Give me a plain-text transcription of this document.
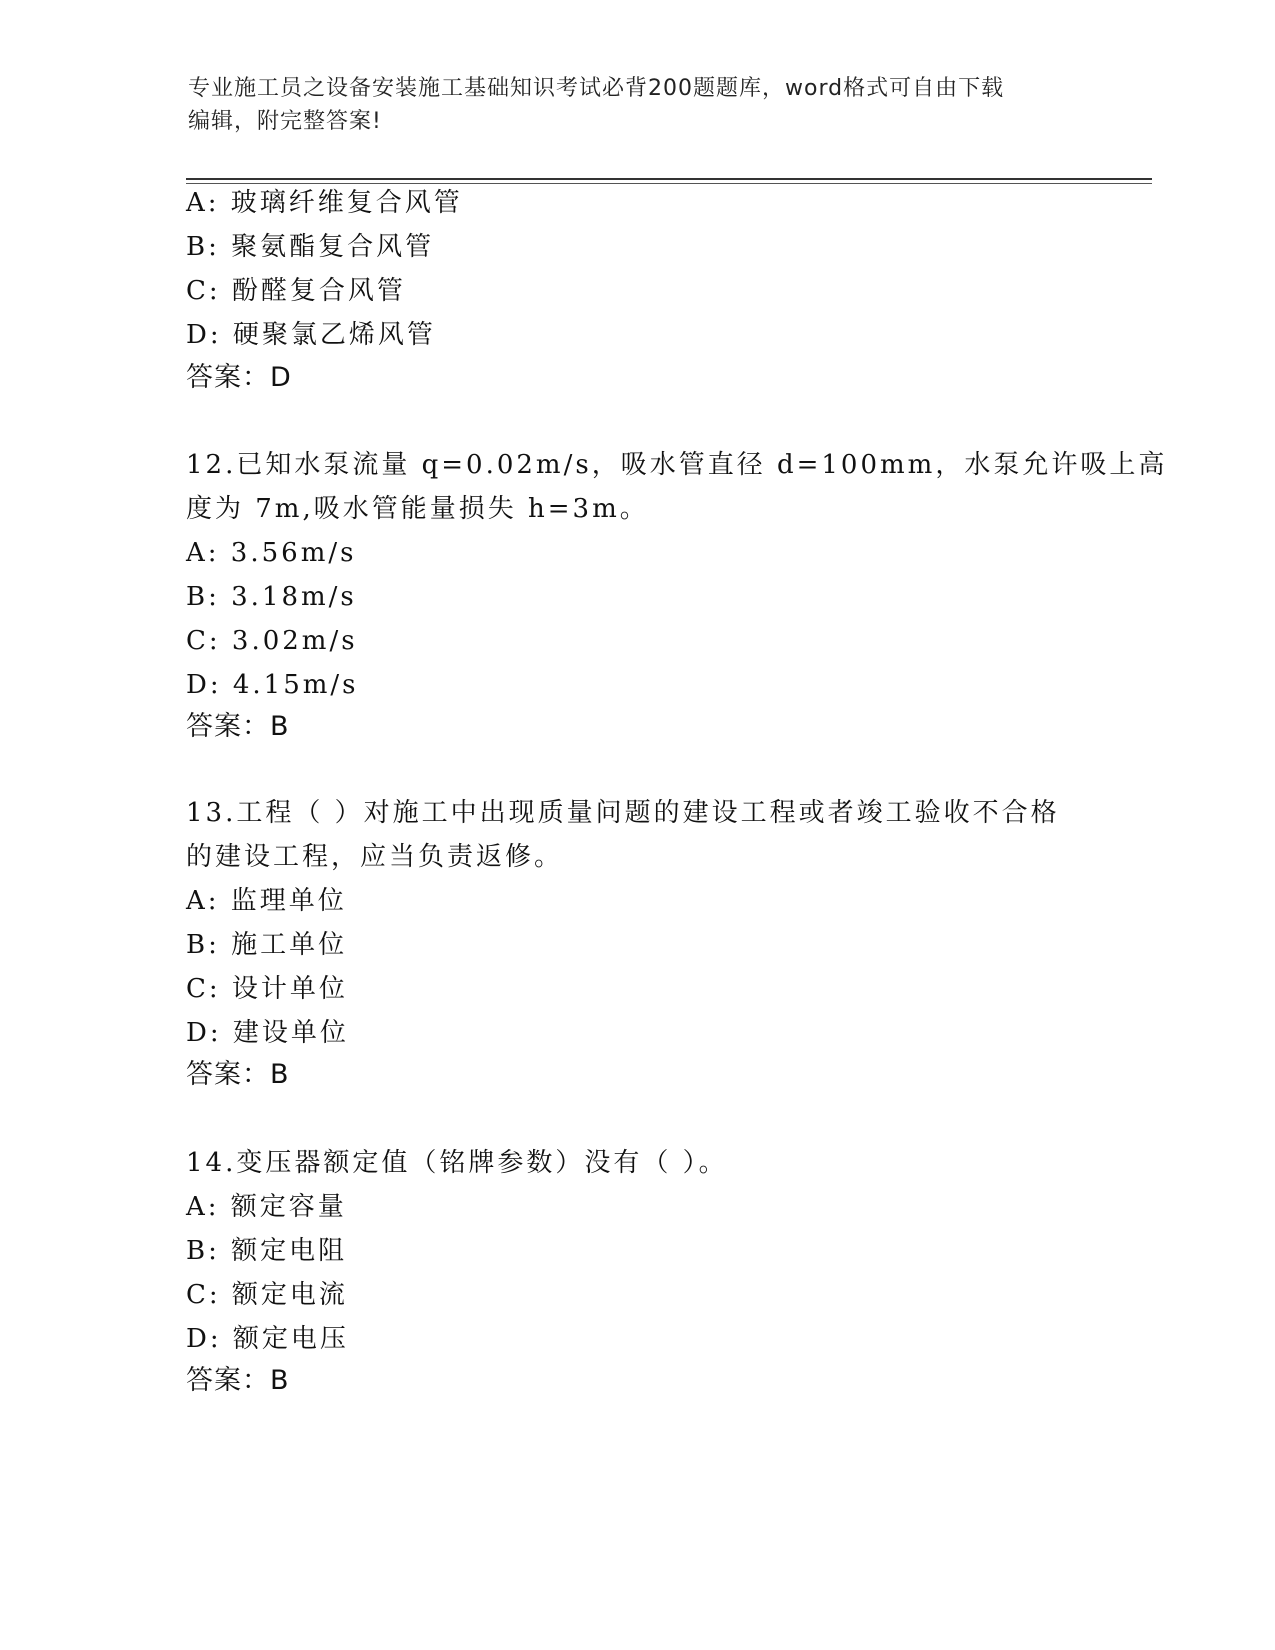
专业施工员之设备安装施工基础知识考试必背200题题库，word格式可自由下载
编辑，附完整答案!
A: 玻璃纤维复合风管
B: 聚氨酯复合风管
C: 酚醛复合风管
D: 硬聚氯乙烯风管
答案：D
12.已知水泵流量 q=0.02m/s，吸水管直径 d=100mm，水泵允许吸上高
度为 7m,吸水管能量损失 h=3m。
A: 3.56m/s
B: 3.18m/s
C: 3.02m/s
D: 4.15m/s
答案：B
13.工程（ ）对施工中出现质量问题的建设工程或者竣工验收不合格
的建设工程，应当负责返修。
A: 监理单位
B: 施工单位
C: 设计单位
D: 建设单位
答案：B
14.变压器额定值（铭牌参数）没有（ ）。
A: 额定容量
B: 额定电阻
C: 额定电流
D: 额定电压
答案：B
